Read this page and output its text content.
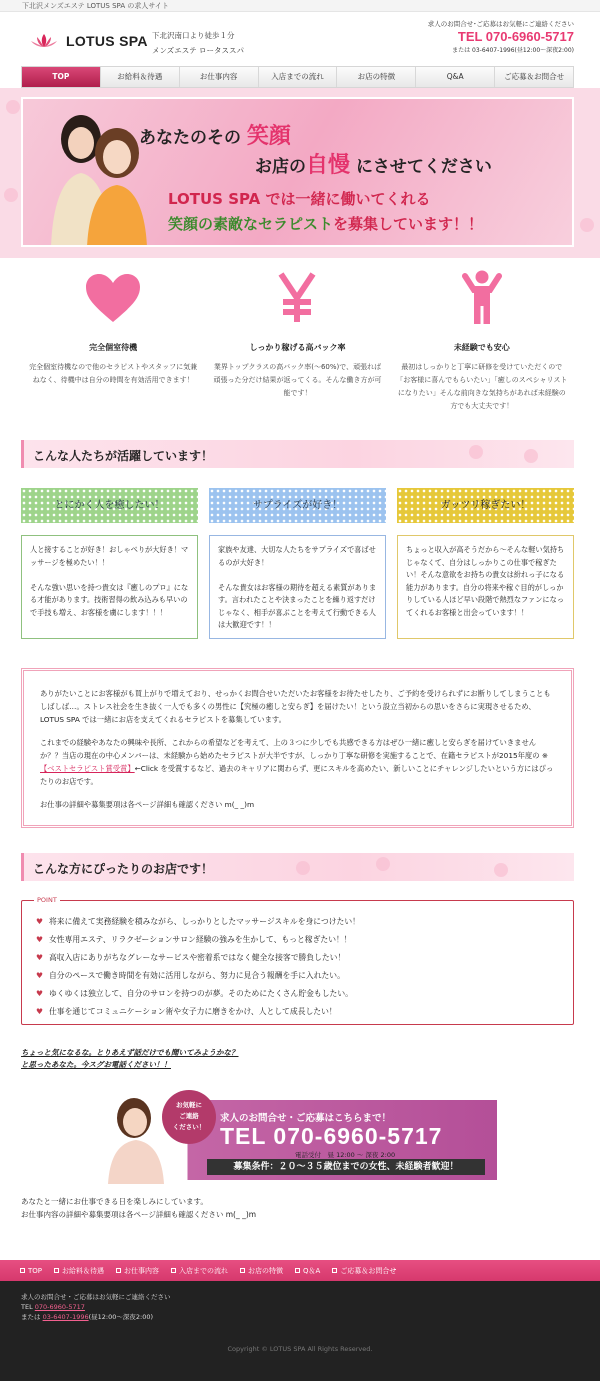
下北沢メンズエステ LOTUS SPA の求人サイト
LOTUS SPA 下北沢南口より徒歩１分
メンズエステ ロータススパ
求人のお問合せ･ご応募はお気軽にご連絡ください
TEL 070-6960-5717
または 03-6407-1996(昼12:00～深夜2:00)
TOP	お給料＆待遇	お仕事内容	入店までの流れ	お店の特徴	Q&A	ご応募＆お問合せ
あなたのその 笑顔
お店の自慢 にさせてください
LOTUS SPA では一緒に働いてくれる
笑顔の素敵なセラピストを募集しています！！
完全個室待機
完全個室待機なので他のセラピストやスタッフに気兼ねなく、待機中は自分の時間を有効活用できます！
しっかり稼げる高バック率
業界トップクラスの高バック率(～60%)で、頑張れば頑張った分だけ結果が返ってくる。そんな働き方が可能です！
未経験でも安心
最初はしっかりと丁寧に研修を受けていただくので「お客様に喜んでもらいたい」「癒しのスペシャリストになりたい」そんな前向きな気持ちがあれば未経験の方でも大丈夫です！
こんな人たちが活躍しています！
とにかく人を癒したい！
人と接することが好き！おしゃべりが大好き！マッサージを極めたい！！

そんな強い思いを持つ貴女は『癒しのプロ』になる才能があります。技術習得の飲み込みも早いので手技も増え、お客様を虜にします！！！
サプライズが好き！
家族や友達、大切な人たちをサプライズで喜ばせるのが大好き！

そんな貴女はお客様の期待を超える素質があります。言われたことや決まったことを繰り返すだけじゃなく、相手が喜ぶことを考えて行動できる人は大歓迎です！！
ガッツリ稼ぎたい！
ちょっと収入が高そうだから～そんな軽い気持ちじゃなくて、自分はしっかりこの仕事で稼ぎたい！そんな意欲をお持ちの貴女は紛れっ子になる能力があります。自分の将来や稼ぐ目的がしっかりしている人ほど早い段階で熱烈なファンになってくれるお客様と出会っています！！

ありがたいことにお客様がも買上がりで増えており、せっかくお問合せいただいたお客様をお待たせしたり、ご予約を受けられずにお断りしてしまうこともしばしば…。ストレス社会を生き抜く一人でも多くの男性に【究極の癒しと安らぎ】を届けたい！という設立当初からの思いをさらに実現させるため、LOTUS SPA では一緒にお店を支えてくれるセラピストを募集しています。

これまでの経験やあなたの興味や長所、これからの希望などを考えて、上の３つに少しでも共感できる方はぜひ一緒に癒しと安らぎを届けていきませんか？？当店の現在の中心メンバーは、未経験から始めたセラピストが大半ですが、しっかり丁寧な研修を実施することで、在籍セラピストが2015年度の ※【ベストセラピスト賞受賞】←Click を受賞するなど、過去のキャリアに関わらず、更にスキルを高めたい、新しいことにチャレンジしたいという方にはぴったりのお店です。

お仕事の詳細や募集要項は各ページ詳細も確認ください m(_ _)m

こんな方にぴったりのお店です！
POINT
♥ 将来に備えて実務経験を積みながら、しっかりとしたマッサージスキルを身につけたい！
♥ 女性専用エステ、リラクゼーションサロン経験の強みを生かして、もっと稼ぎたい！！
♥ 高収入店にありがちなグレーなサービスや密着系ではなく健全な接客で勝負したい！
♥ 自分のペースで働き時間を有効に活用しながら、努力に見合う報酬を手に入れたい。
♥ ゆくゆくは独立して、自分のサロンを持つのが夢。そのためにたくさん貯金もしたい。
♥ 仕事を通じてコミュニケーション術や女子力に磨きをかけ、人として成長したい！
ちょっと気になるな。とりあえず話だけでも聞いてみようかな？
と思ったあなた。今スグお電話ください！！
お気軽に
ご連絡
ください！
求人のお問合せ・ご応募はこちらまで！
TEL 070-6960-5717
電話受付　昼 12:00 ～ 深夜 2:00
募集条件：２０～３５歳位までの女性、未経験者歓迎！
あなたと一緒にお仕事できる日を楽しみにしています。
お仕事内容の詳細や募集要項は各ページ詳細も確認ください m(_ _)m
TOP	お給料＆待遇	お仕事内容	入店までの流れ	お店の特徴	Q＆A	ご応募＆お問合せ
求人のお問合せ・ご応募はお気軽にご連絡ください
TEL 070-6960-5717
または 03-6407-1996(昼12:00～深夜2:00)
Copyright © LOTUS SPA All Rights Reserved.
